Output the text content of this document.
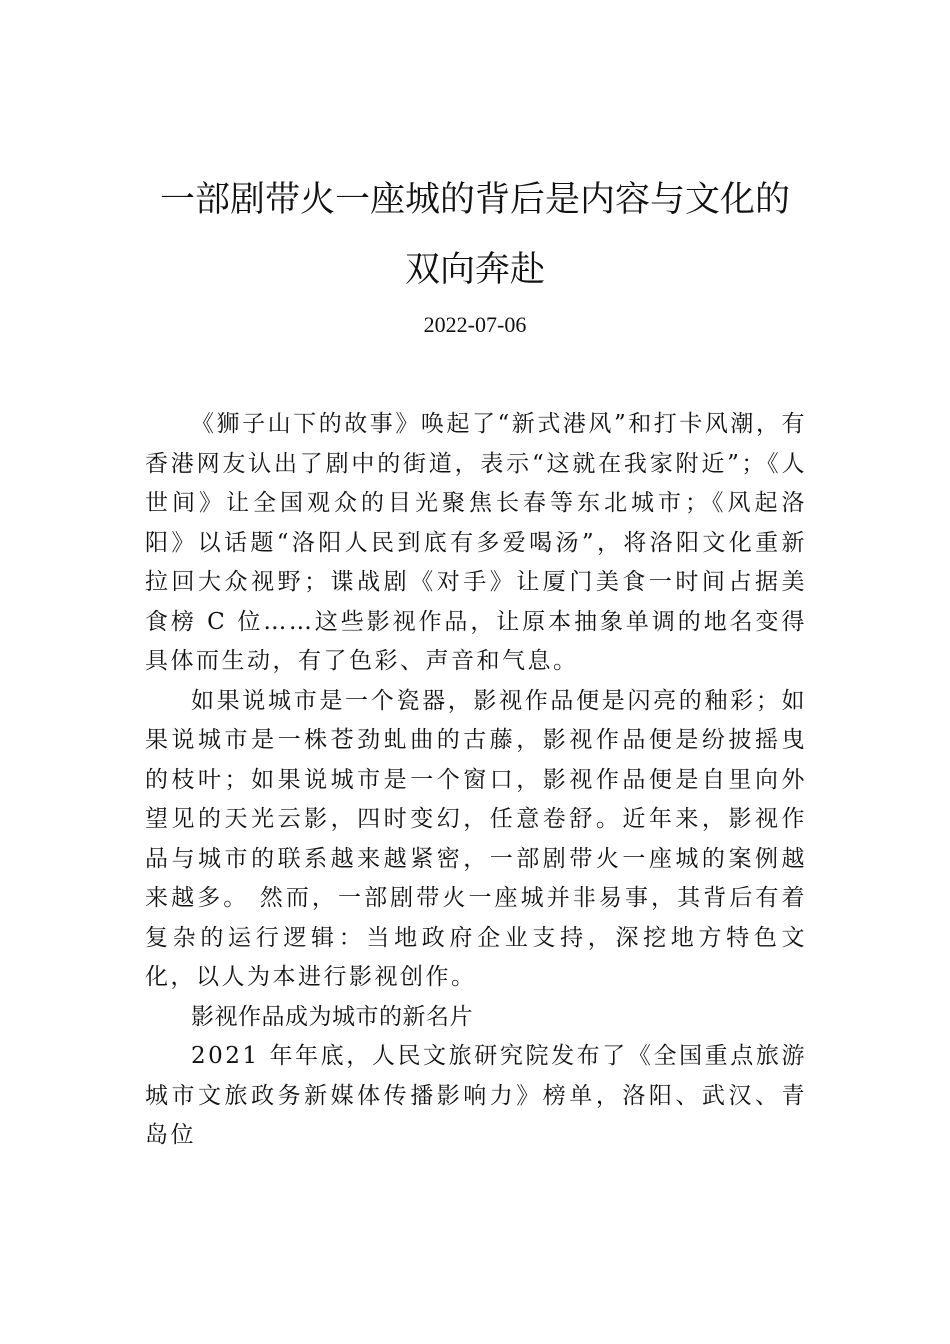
一部剧带火一座城的背后是内容与文化的
双向奔赴
2022-07-06

《狮子山下的故事》唤起了“新式港风”和打卡风潮，有香港网友认出了剧中的街道，表示“这就在我家附近”；《人世间》让全国观众的目光聚焦长春等东北城市；《风起洛阳》以话题“洛阳人民到底有多爱喝汤”，将洛阳文化重新拉回大众视野；谍战剧《对手》让厦门美食一时间占据美食榜 C 位……这些影视作品，让原本抽象单调的地名变得具体而生动，有了色彩、声音和气息。

如果说城市是一个瓷器，影视作品便是闪亮的釉彩；如果说城市是一株苍劲虬曲的古藤，影视作品便是纷披摇曳的枝叶；如果说城市是一个窗口，影视作品便是自里向外望见的天光云影，四时变幻，任意卷舒。近年来，影视作品与城市的联系越来越紧密，一部剧带火一座城的案例越来越多。 然而，一部剧带火一座城并非易事，其背后有着复杂的运行逻辑：当地政府企业支持，深挖地方特色文化，以人为本进行影视创作。

影视作品成为城市的新名片

2021 年年底，人民文旅研究院发布了《全国重点旅游城市文旅政务新媒体传播影响力》榜单，洛阳、武汉、青岛位
